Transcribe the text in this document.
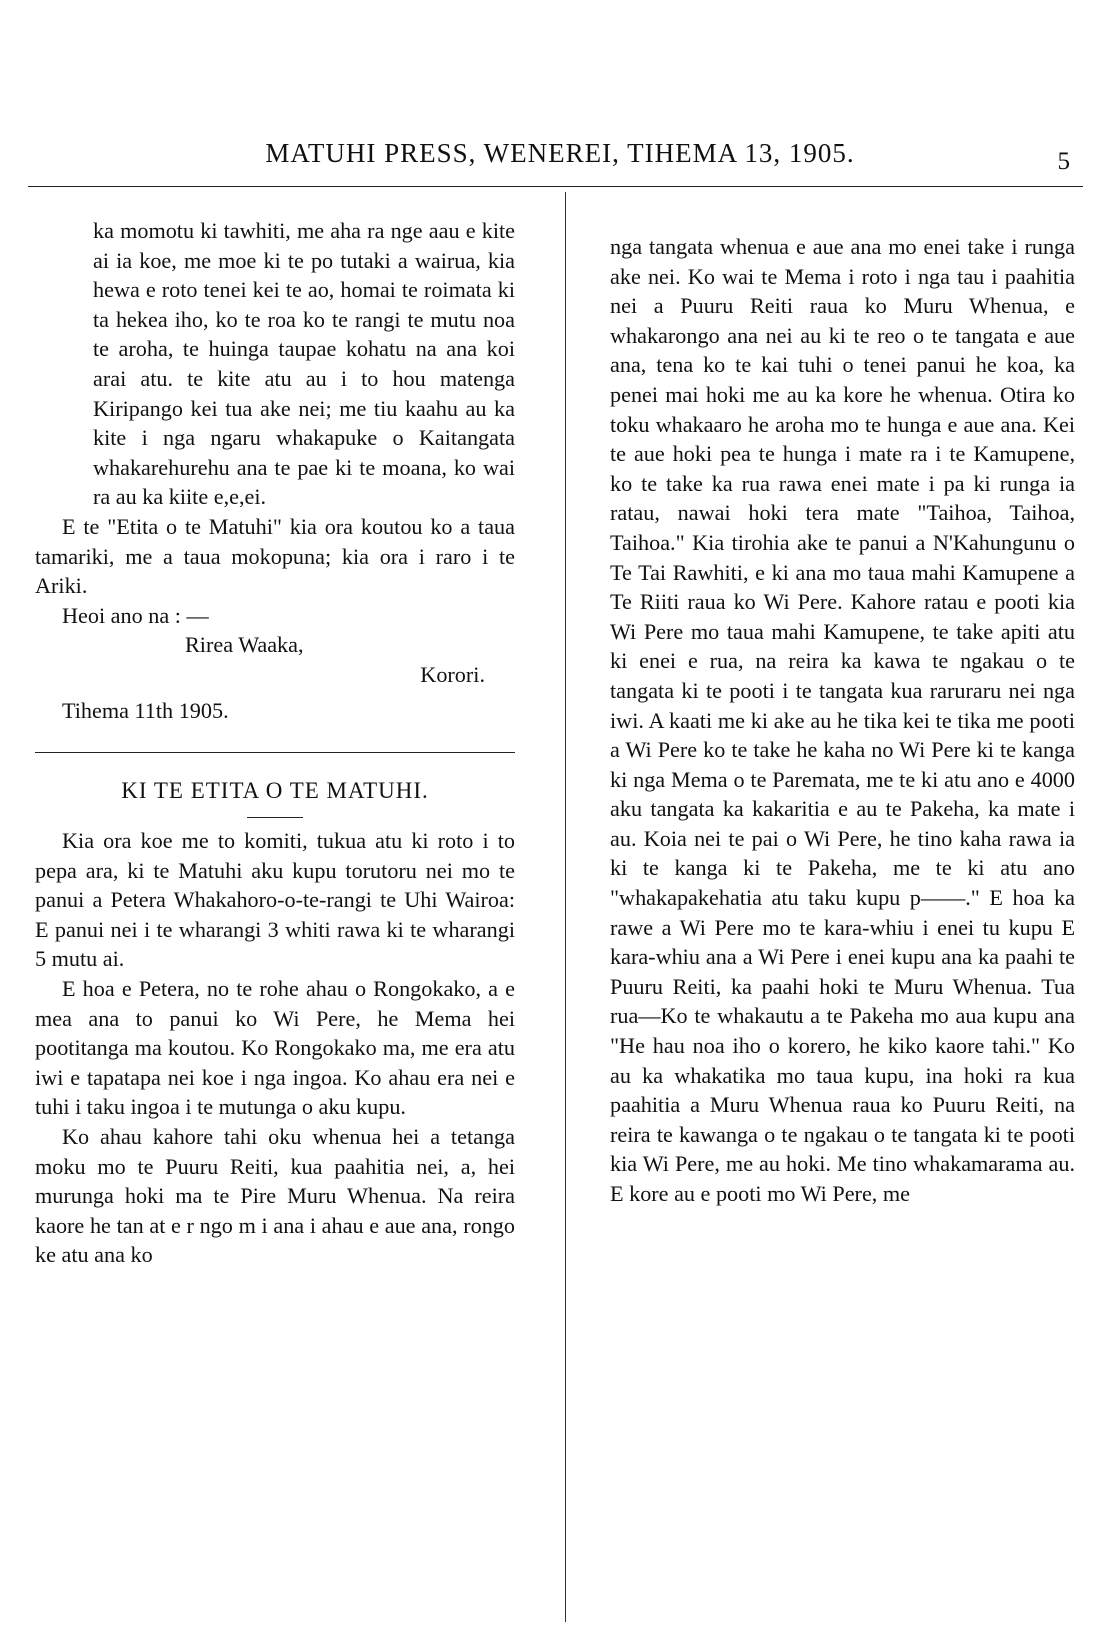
MATUHI PRESS, WENEREI, TIHEMA 13, 1905.	5

ka momotu ki tawhiti, me aha ra nge aau e kite ai ia koe, me moe ki te po tutaki a wairua, kia hewa e roto tenei kei te ao, homai te roimata ki ta hekea iho, ko te roa ko te rangi te mutu noa te aroha, te huinga taupae kohatu na ana koi arai atu. te kite atu au i to hou matenga Kiripango kei tua ake nei; me tiu kaahu au ka kite i nga ngaru whakapuke o Kaitangata whakarehurehu ana te pae ki te moana, ko wai ra au ka kiite e,e,ei.

E te "Etita o te Matuhi" kia ora koutou ko a taua tamariki, me a taua mokopuna; kia ora i raro i te Ariki.

Heoi ano na : —

Rirea Waaka,

Korori.

Tihema 11th 1905.

KI TE ETITA O TE MATUHI.

Kia ora koe me to komiti, tukua atu ki roto i to pepa ara, ki te Matuhi aku kupu torutoru nei mo te panui a Petera Whakahoro-o-te-rangi te Uhi Wairoa: E panui nei i te wharangi 3 whiti rawa ki te wharangi 5 mutu ai.

E hoa e Petera, no te rohe ahau o Rongokako, a e mea ana to panui ko Wi Pere, he Mema hei pootitanga ma koutou. Ko Rongokako ma, me era atu iwi e tapatapa nei koe i nga ingoa. Ko ahau era nei e tuhi i taku ingoa i te mutunga o aku kupu.

Ko ahau kahore tahi oku whenua hei a tetanga moku mo te Puuru Reiti, kua paahitia nei, a, hei murunga hoki ma te Pire Muru Whenua. Na reira kaore he tan at e r ngo m i ana i ahau e aue ana, rongo ke atu ana ko

nga tangata whenua e aue ana mo enei take i runga ake nei. Ko wai te Mema i roto i nga tau i paahitia nei a Puuru Reiti raua ko Muru Whenua, e whakarongo ana nei au ki te reo o te tangata e aue ana, tena ko te kai tuhi o tenei panui he koa, ka penei mai hoki me au ka kore he whenua. Otira ko toku whakaaro he aroha mo te hunga e aue ana. Kei te aue hoki pea te hunga i mate ra i te Kamupene, ko te take ka rua rawa enei mate i pa ki runga ia ratau, nawai hoki tera mate "Taihoa, Taihoa, Taihoa." Kia tirohia ake te panui a N'Kahungunu o Te Tai Rawhiti, e ki ana mo taua mahi Kamupene a Te Riiti raua ko Wi Pere. Kahore ratau e pooti kia Wi Pere mo taua mahi Kamupene, te take apiti atu ki enei e rua, na reira ka kawa te ngakau o te tangata ki te pooti i te tangata kua raruraru nei nga iwi. A kaati me ki ake au he tika kei te tika me pooti a Wi Pere ko te take he kaha no Wi Pere ki te kanga ki nga Mema o te Paremata, me te ki atu ano e 4000 aku tangata ka kakaritia e au te Pakeha, ka mate i au. Koia nei te pai o Wi Pere, he tino kaha rawa ia ki te kanga ki te Pakeha, me te ki atu ano "whakapakehatia atu taku kupu p——." E hoa ka rawe a Wi Pere mo te kara-whiu i enei tu kupu E kara-whiu ana a Wi Pere i enei kupu ana ka paahi te Puuru Reiti, ka paahi hoki te Muru Whenua. Tua rua—Ko te whakautu a te Pakeha mo aua kupu ana "He hau noa iho o korero, he kiko kaore tahi." Ko au ka whakatika mo taua kupu, ina hoki ra kua paahitia a Muru Whenua raua ko Puuru Reiti, na reira te kawanga o te ngakau o te tangata ki te pooti kia Wi Pere, me au hoki. Me tino whakamarama au. E kore au e pooti mo Wi Pere, me
